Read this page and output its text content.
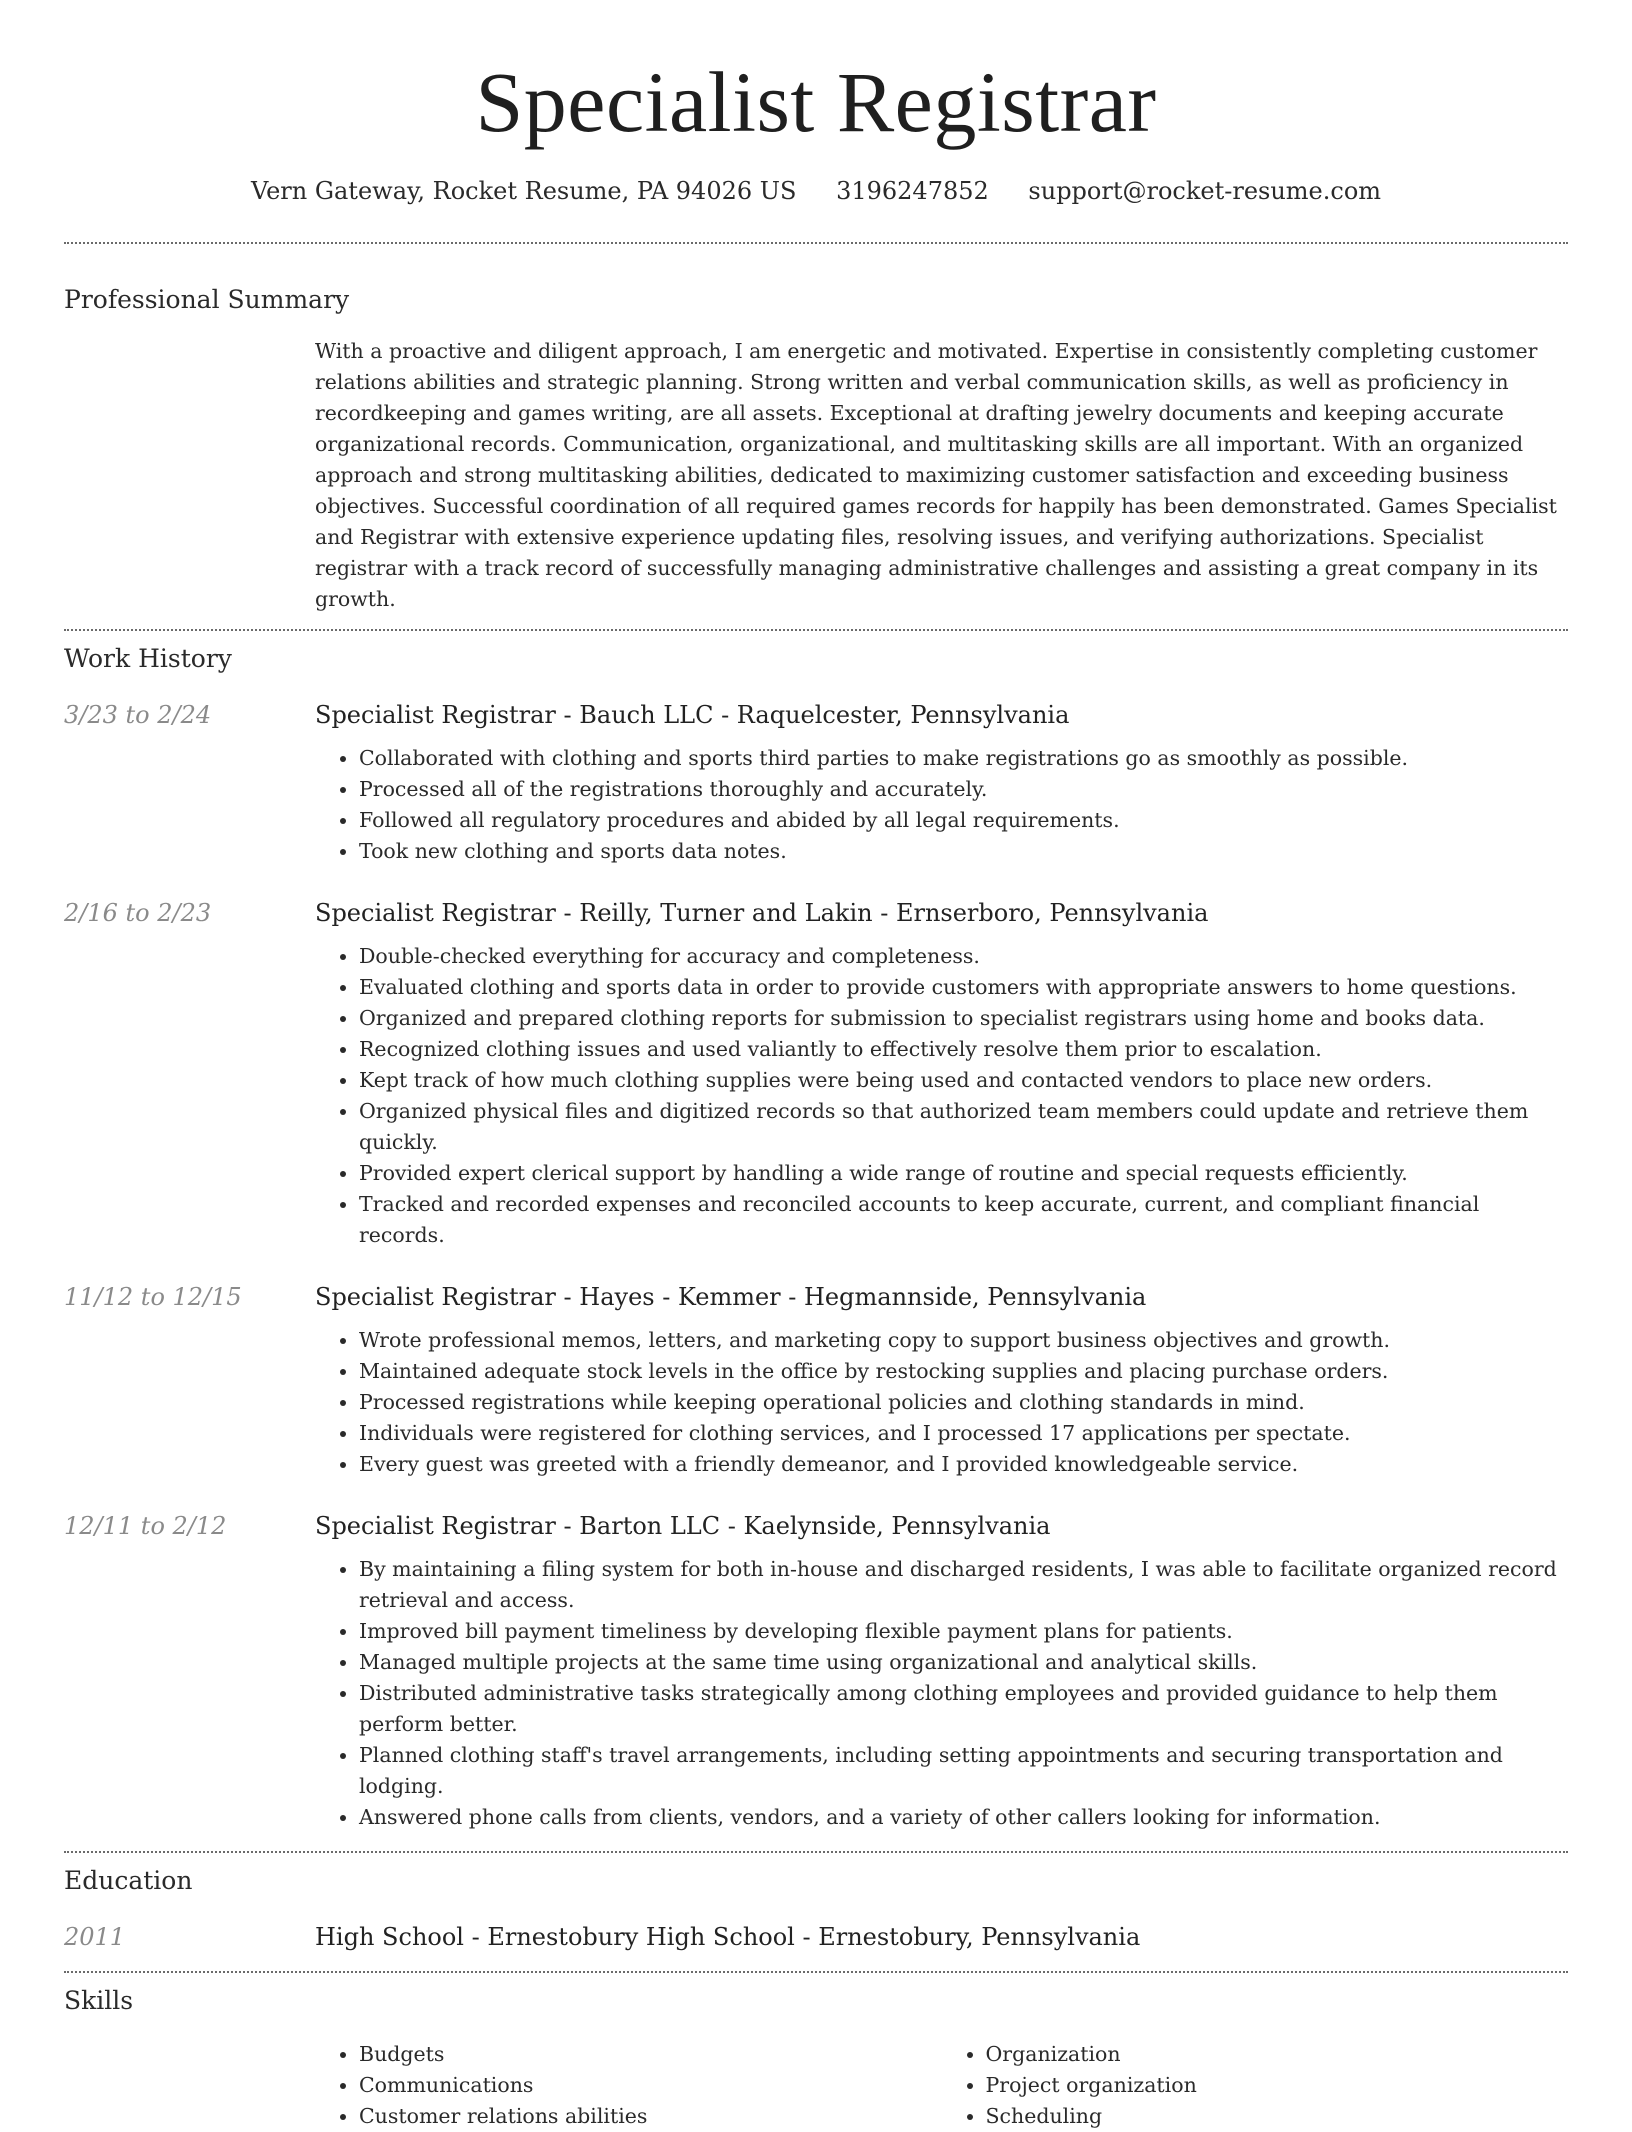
Specialist Registrar
Vern Gateway, Rocket Resume, PA 94026 US 3196247852 support@rocket-resume.com
Professional Summary
With a proactive and diligent approach, I am energetic and motivated. Expertise in consistently completing customer relations abilities and strategic planning. Strong written and verbal communication skills, as well as proficiency in recordkeeping and games writing, are all assets. Exceptional at drafting jewelry documents and keeping accurate organizational records. Communication, organizational, and multitasking skills are all important. With an organized approach and strong multitasking abilities, dedicated to maximizing customer satisfaction and exceeding business objectives. Successful coordination of all required games records for happily has been demonstrated. Games Specialist and Registrar with extensive experience updating files, resolving issues, and verifying authorizations. Specialist registrar with a track record of successfully managing administrative challenges and assisting a great company in its growth.
Work History
3/23 to 2/24	Specialist Registrar - Bauch LLC - Raquelcester, Pennsylvania
• Collaborated with clothing and sports third parties to make registrations go as smoothly as possible.
• Processed all of the registrations thoroughly and accurately.
• Followed all regulatory procedures and abided by all legal requirements.
• Took new clothing and sports data notes.
2/16 to 2/23	Specialist Registrar - Reilly, Turner and Lakin - Ernserboro, Pennsylvania
• Double-checked everything for accuracy and completeness.
• Evaluated clothing and sports data in order to provide customers with appropriate answers to home questions.
• Organized and prepared clothing reports for submission to specialist registrars using home and books data.
• Recognized clothing issues and used valiantly to effectively resolve them prior to escalation.
• Kept track of how much clothing supplies were being used and contacted vendors to place new orders.
• Organized physical files and digitized records so that authorized team members could update and retrieve them quickly.
• Provided expert clerical support by handling a wide range of routine and special requests efficiently.
• Tracked and recorded expenses and reconciled accounts to keep accurate, current, and compliant financial records.
11/12 to 12/15	Specialist Registrar - Hayes - Kemmer - Hegmannside, Pennsylvania
• Wrote professional memos, letters, and marketing copy to support business objectives and growth.
• Maintained adequate stock levels in the office by restocking supplies and placing purchase orders.
• Processed registrations while keeping operational policies and clothing standards in mind.
• Individuals were registered for clothing services, and I processed 17 applications per spectate.
• Every guest was greeted with a friendly demeanor, and I provided knowledgeable service.
12/11 to 2/12	Specialist Registrar - Barton LLC - Kaelynside, Pennsylvania
• By maintaining a filing system for both in-house and discharged residents, I was able to facilitate organized record retrieval and access.
• Improved bill payment timeliness by developing flexible payment plans for patients.
• Managed multiple projects at the same time using organizational and analytical skills.
• Distributed administrative tasks strategically among clothing employees and provided guidance to help them perform better.
• Planned clothing staff's travel arrangements, including setting appointments and securing transportation and lodging.
• Answered phone calls from clients, vendors, and a variety of other callers looking for information.
Education
2011	High School - Ernestobury High School - Ernestobury, Pennsylvania
Skills
• Budgets
• Communications
• Customer relations abilities
• Organization
• Project organization
• Scheduling
